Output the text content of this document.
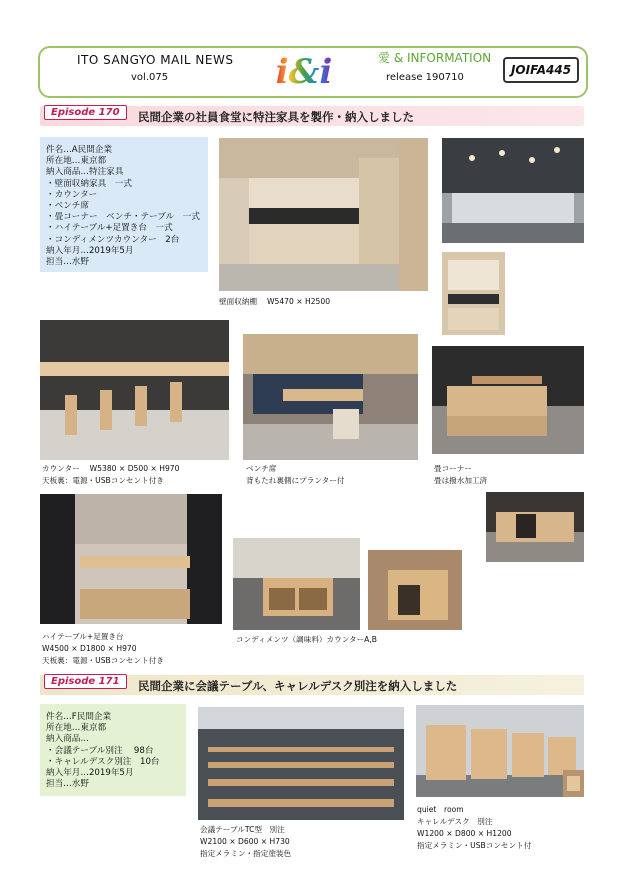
ITO SANGYO MAIL NEWS
vol.075	i&i	愛 & INFORMATION
release 190710
JOIFA445
Episode 170	民間企業の社員食堂に特注家具を製作・納入しました
件名…A民間企業
所在地…東京都
納入商品…特注家具
・壁面収納家具　一式
・カウンター
・ベンチ席
・畳コーナー　ベンチ・テーブル　一式
・ハイテーブル+足置き台　一式
・コンディメンツカウンター　2台
納入年月…2019年5月
担当…水野
壁面収納棚　 W5470 × H2500
カウンター　 W5380 × D500 × H970
天板裏：電源・USBコンセント付き
ベンチ席
背もたれ裏側にプランター付
畳コーナー
畳は撥水加工済
ハイテーブル+足置き台
W4500 × D1800 × H970
天板裏：電源・USBコンセント付き
コンディメンツ（調味料）カウンターA,B
Episode 171	民間企業に会議テーブル、キャレルデスク別注を納入しました
件名…F民間企業
所在地…東京都
納入商品…
・会議テーブル別注　 98台
・キャレルデスク別注　10台
納入年月…2019年5月
担当…水野
会議テーブルTC型　別注
W2100 × D600 × H730
指定メラミン・指定塗装色
quiet　room
キャレルデスク　別注
W1200 × D800 × H1200
指定メラミン・USBコンセント付
